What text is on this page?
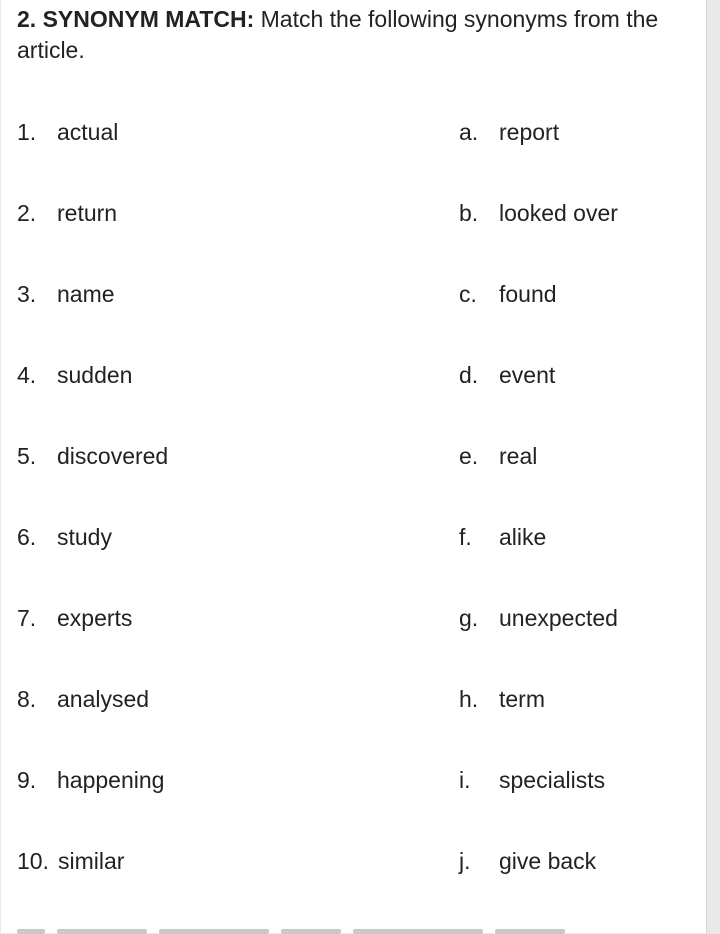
2. SYNONYM MATCH: Match the following synonyms from the article.
1. actual	a. report
2. return	b. looked over
3. name	c. found
4. sudden	d. event
5. discovered	e. real
6. study	f.	alike
7. experts	g. unexpected
8. analysed	h. term
9. happening	i.	specialists
10. similar	j.	give back
